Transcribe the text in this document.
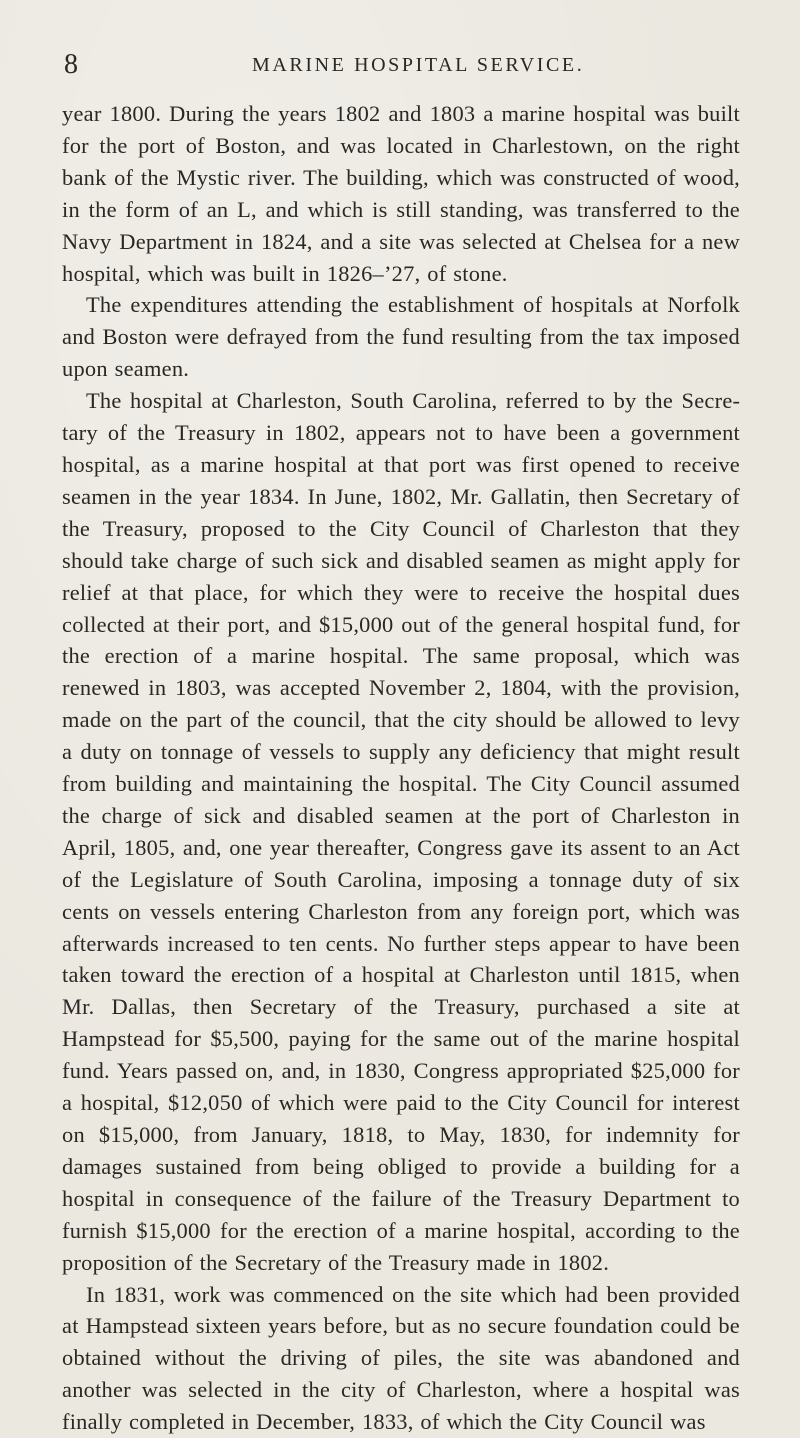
8	MARINE HOSPITAL SERVICE.

year 1800. During the years 1802 and 1803 a marine hospital was built for the port of Boston, and was located in Charlestown, on the right bank of the Mystic river. The building, which was constructed of wood, in the form of an L, and which is still standing, was transferred to the Navy Department in 1824, and a site was selected at Chelsea for a new hospital, which was built in 1826–’27, of stone.

The expenditures attending the establishment of hospitals at Norfolk and Boston were defrayed from the fund resulting from the tax imposed upon seamen.

The hospital at Charleston, South Carolina, referred to by the Secretary of the Treasury in 1802, appears not to have been a government hospital, as a marine hospital at that port was first opened to receive seamen in the year 1834. In June, 1802, Mr. Gallatin, then Secretary of the Treasury, proposed to the City Council of Charleston that they should take charge of such sick and disabled seamen as might apply for relief at that place, for which they were to receive the hospital dues collected at their port, and $15,000 out of the general hospital fund, for the erection of a marine hospital. The same proposal, which was renewed in 1803, was accepted November 2, 1804, with the provision, made on the part of the council, that the city should be allowed to levy a duty on tonnage of vessels to supply any deficiency that might result from building and maintaining the hospital. The City Council assumed the charge of sick and disabled seamen at the port of Charleston in April, 1805, and, one year thereafter, Congress gave its assent to an Act of the Legislature of South Carolina, imposing a tonnage duty of six cents on vessels entering Charleston from any foreign port, which was afterwards increased to ten cents. No further steps appear to have been taken toward the erection of a hospital at Charleston until 1815, when Mr. Dallas, then Secretary of the Treasury, purchased a site at Hampstead for $5,500, paying for the same out of the marine hospital fund. Years passed on, and, in 1830, Congress appropriated $25,000 for a hospital, $12,050 of which were paid to the City Council for interest on $15,000, from January, 1818, to May, 1830, for indemnity for damages sustained from being obliged to provide a building for a hospital in consequence of the failure of the Treasury Department to furnish $15,000 for the erection of a marine hospital, according to the proposition of the Secretary of the Treasury made in 1802.

In 1831, work was commenced on the site which had been provided at Hampstead sixteen years before, but as no secure foundation could be obtained without the driving of piles, the site was abandoned and another was selected in the city of Charleston, where a hospital was finally completed in December, 1833, of which the City Council was
